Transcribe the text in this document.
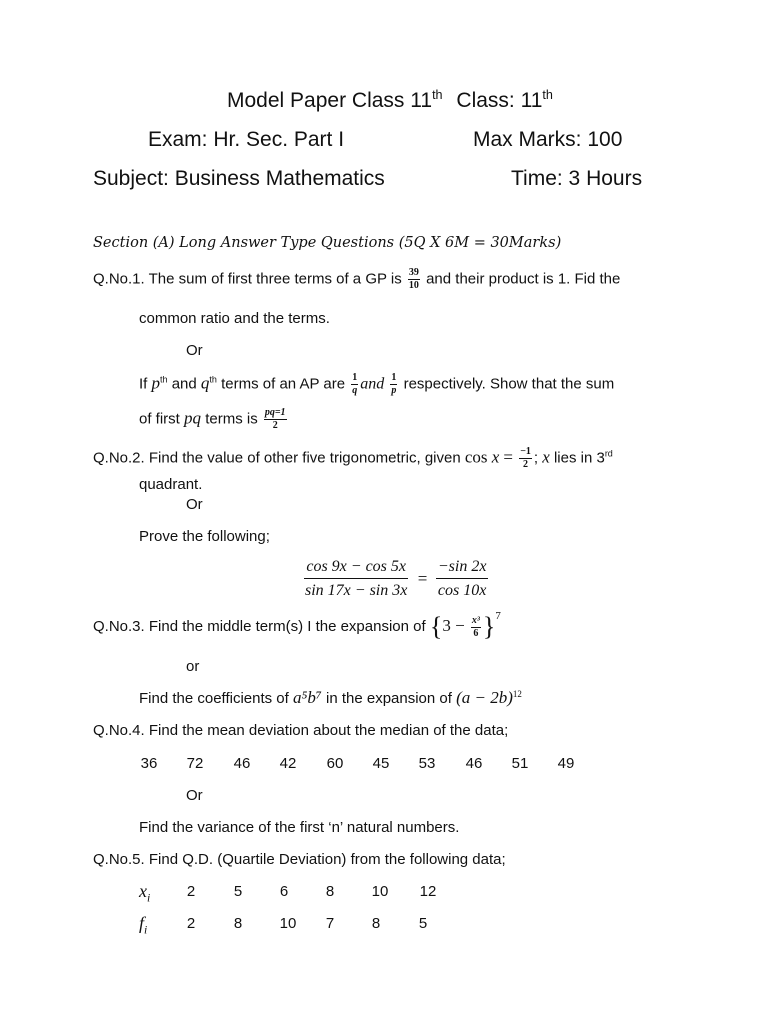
Model Paper Class 11th Class: 11th
Exam: Hr. Sec. Part I	Max Marks: 100
Subject: Business Mathematics	Time: 3 Hours
Section (A) Long Answer Type Questions (5Q X 6M = 30Marks)
Q.No.1. The sum of first three terms of a GP is $\frac{39}{10}$ and their product is 1. Fid the
common ratio and the terms.
Or
If $p^{th}$ and $q^{th}$ terms of an AP are $\frac{1}{q}$ and $\frac{1}{p}$ respectively. Show that the sum
of first pq terms is $\frac{pq=1}{2}$
Q.No.2. Find the value of other five trigonometric, given $\cos x = \frac{-1}{2}$ ; x lies in 3rd
quadrant.
Or
Prove the following;
$\frac{\cos 9x - \cos 5x}{\sin 17x - \sin 3x} = \frac{-\sin 2x}{\cos 10x}$
Q.No.3. Find the middle term(s) I the expansion of $\{3 - \frac{\text{x³}}{6} \}^7$
or
Find the coefficients of a⁵b⁷ in the expansion of $(a - 2b)^{12}$
Q.No.4. Find the mean deviation about the median of the data;
36	72	46	42	60	45	53	46	51	49
Or
Find the variance of the first ‘n’ natural numbers.
Q.No.5. Find Q.D. (Quartile Deviation) from the following data;
$x_i$	2	5	6	8	10	12
$f_i$	2	8	10	7	8	5
